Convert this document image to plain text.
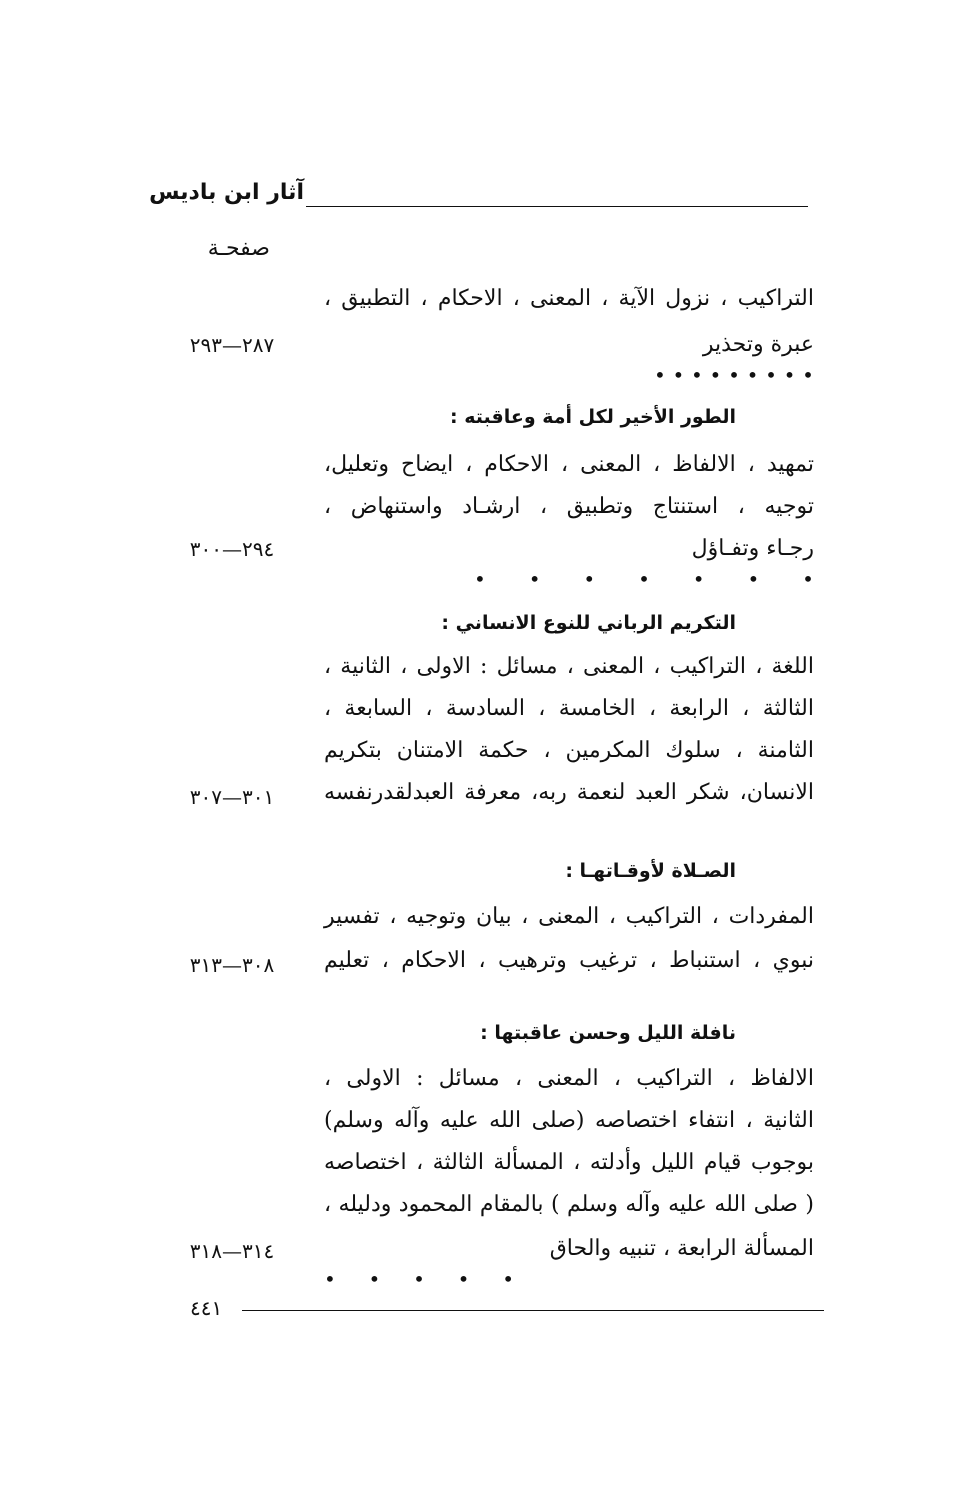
آثار ابن باديس
صفحـة
التراكيب ، نزول الآية ، المعنى ، الاحكام ، التطبيق ،
عبرة وتحذير
• • • • • • • • •
٢٨٧—٢٩٣
الطور الأخير لكل أمة وعاقبته :
تمهيد ، الالفاظ ، المعنى ، الاحكام ، ايضاح وتعليل،
توجيه ، استنتاج وتطبيق ، ارشـاد واستنهاض ،
رجـاء وتفـاؤل
• • • • • • •
٢٩٤—٣٠٠
التكريم الرباني للنوع الانساني :
اللغة ، التراكيب ، المعنى ، مسائل : الاولى ، الثانية ،
الثالثة ، الرابعة ، الخامسة ، السادسة ، السابعة ،
الثامنة ، سلوك المكرمين ، حكمة الامتنان بتكريم
الانسان، شكر العبد لنعمة ربه، معرفة العبدلقدرنفسه
٣٠١—٣٠٧
الصـلاة لأوقـاتهـا :
المفردات ، التراكيب ، المعنى ، بيان وتوجيه ، تفسير
نبوي ، استنباط ، ترغيب وترهيب ، الاحكام ، تعليم
٣٠٨—٣١٣
نافلة الليل وحسن عاقبتها :
الالفاظ ، التراكيب ، المعنى ، مسائل : الاولى ،
الثانية ، انتفاء اختصاصه (صلى الله عليه وآله وسلم)
بوجوب قيام الليل وأدلته ، المسألة الثالثة ، اختصاصه
( صلى الله عليه وآله وسلم ) بالمقام المحمود ودليله ،
المسألة الرابعة ، تنبيه والحاق
• • • • •
٣١٤—٣١٨
٤٤١
